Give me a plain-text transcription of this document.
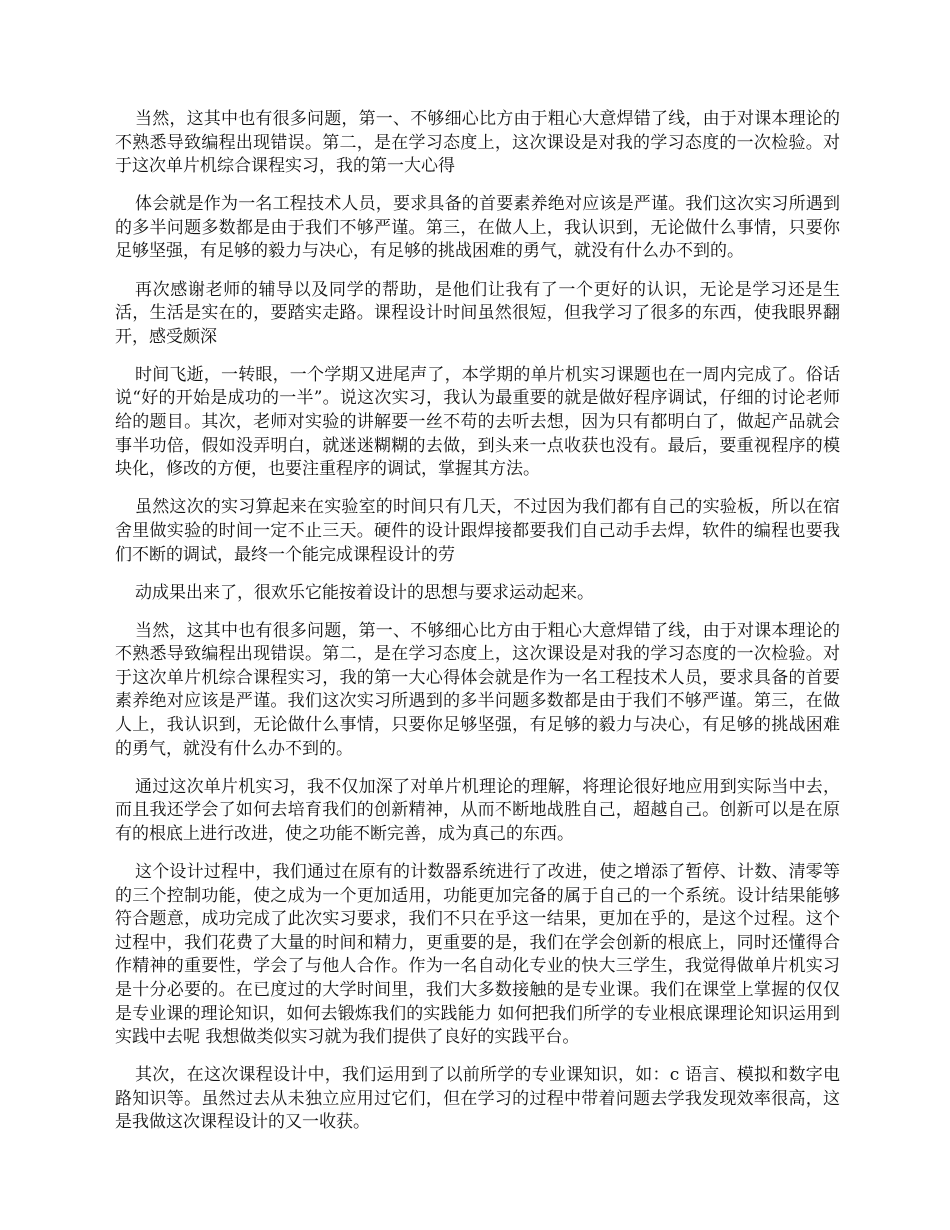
当然，这其中也有很多问题，第一、不够细心比方由于粗心大意焊错了线，由于对课本理论的不熟悉导致编程出现错误。第二，是在学习态度上，这次课设是对我的学习态度的一次检验。对于这次单片机综合课程实习，我的第一大心得

体会就是作为一名工程技术人员，要求具备的首要素养绝对应该是严谨。我们这次实习所遇到的多半问题多数都是由于我们不够严谨。第三，在做人上，我认识到，无论做什么事情，只要你足够坚强，有足够的毅力与决心，有足够的挑战困难的勇气，就没有什么办不到的。

再次感谢老师的辅导以及同学的帮助，是他们让我有了一个更好的认识，无论是学习还是生活，生活是实在的，要踏实走路。课程设计时间虽然很短，但我学习了很多的东西，使我眼界翻开，感受颇深

时间飞逝，一转眼，一个学期又进尾声了，本学期的单片机实习课题也在一周内完成了。俗话说“好的开始是成功的一半”。说这次实习，我认为最重要的就是做好程序调试，仔细的讨论老师给的题目。其次，老师对实验的讲解要一丝不苟的去听去想，因为只有都明白了，做起产品就会事半功倍，假如没弄明白，就迷迷糊糊的去做，到头来一点收获也没有。最后，要重视程序的模块化，修改的方便，也要注重程序的调试，掌握其方法。

虽然这次的实习算起来在实验室的时间只有几天，不过因为我们都有自己的实验板，所以在宿舍里做实验的时间一定不止三天。硬件的设计跟焊接都要我们自己动手去焊，软件的编程也要我们不断的调试，最终一个能完成课程设计的劳

动成果出来了，很欢乐它能按着设计的思想与要求运动起来。

当然，这其中也有很多问题，第一、不够细心比方由于粗心大意焊错了线，由于对课本理论的不熟悉导致编程出现错误。第二，是在学习态度上，这次课设是对我的学习态度的一次检验。对于这次单片机综合课程实习，我的第一大心得体会就是作为一名工程技术人员，要求具备的首要素养绝对应该是严谨。我们这次实习所遇到的多半问题多数都是由于我们不够严谨。第三，在做人上，我认识到，无论做什么事情，只要你足够坚强，有足够的毅力与决心，有足够的挑战困难的勇气，就没有什么办不到的。

通过这次单片机实习，我不仅加深了对单片机理论的理解，将理论很好地应用到实际当中去，而且我还学会了如何去培育我们的创新精神，从而不断地战胜自己，超越自己。创新可以是在原有的根底上进行改进，使之功能不断完善，成为真己的东西。

这个设计过程中，我们通过在原有的计数器系统进行了改进，使之增添了暂停、计数、清零等的三个控制功能，使之成为一个更加适用，功能更加完备的属于自己的一个系统。设计结果能够符合题意，成功完成了此次实习要求，我们不只在乎这一结果，更加在乎的，是这个过程。这个过程中，我们花费了大量的时间和精力，更重要的是，我们在学会创新的根底上，同时还懂得合作精神的重要性，学会了与他人合作。作为一名自动化专业的快大三学生，我觉得做单片机实习是十分必要的。在已度过的大学时间里，我们大多数接触的是专业课。我们在课堂上掌握的仅仅是专业课的理论知识，如何去锻炼我们的实践能力 如何把我们所学的专业根底课理论知识运用到实践中去呢 我想做类似实习就为我们提供了良好的实践平台。

其次，在这次课程设计中，我们运用到了以前所学的专业课知识，如：c 语言、模拟和数字电路知识等。虽然过去从未独立应用过它们，但在学习的过程中带着问题去学我发现效率很高，这是我做这次课程设计的又一收获。
